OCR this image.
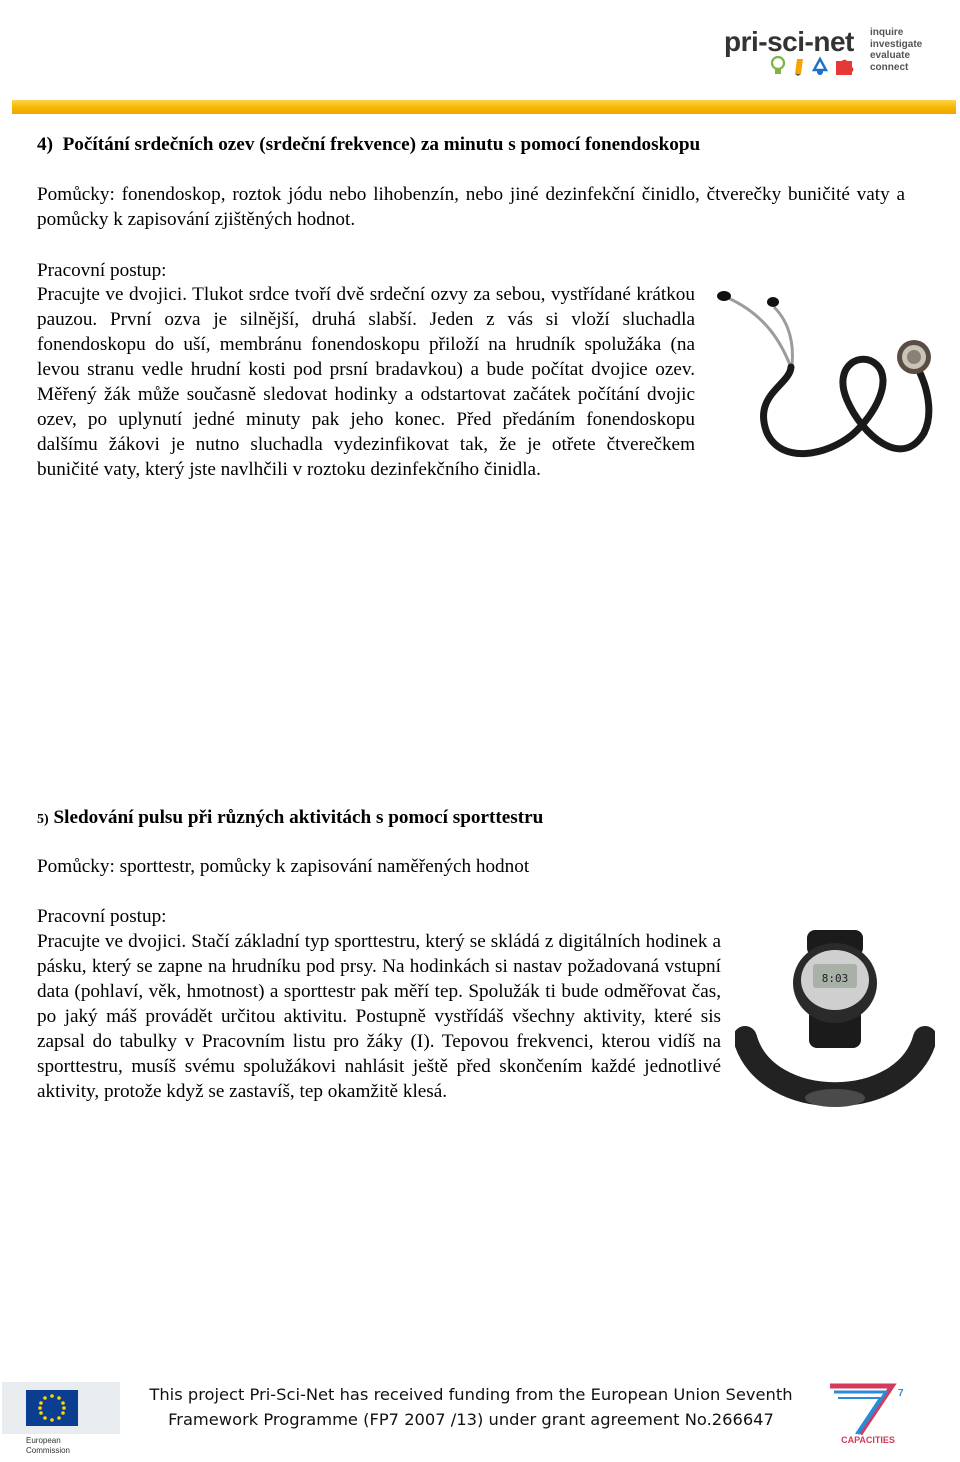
pri-sci-net inquire
investigate
evaluate
connect
4) Počítání srdečních ozev (srdeční frekvence) za minutu s pomocí fonendoskopu
Pomůcky: fonendoskop, roztok jódu nebo lihobenzín, nebo jiné dezinfekční činidlo, čtverečky buničité vaty a pomůcky k zapisování zjištěných hodnot.
Pracovní postup:
Pracujte ve dvojici. Tlukot srdce tvoří dvě srdeční ozvy za sebou, vystřídané krátkou pauzou. První ozva je silnější, druhá slabší. Jeden z vás si vloží sluchadla fonendoskopu do uší, membránu fonendoskopu přiloží na hrudník spolužáka (na levou stranu vedle hrudní kosti pod prsní bradavkou) a bude počítat dvojice ozev. Měřený žák může současně sledovat hodinky a odstartovat začátek počítání dvojic ozev, po uplynutí jedné minuty pak jeho konec. Před předáním fonendoskopu dalšímu žákovi je nutno sluchadla vydezinfikovat tak, že je otřete čtverečkem buničité vaty, který jste navlhčili v roztoku dezinfekčního činidla.
5) Sledování pulsu při různých aktivitách s pomocí sporttestru
Pomůcky: sporttestr, pomůcky k zapisování naměřených hodnot
Pracovní postup:
Pracujte ve dvojici. Stačí základní typ sporttestru, který se skládá z digitálních hodinek a pásku, který se zapne na hrudníku pod prsy. Na hodinkách si nastav požadovaná vstupní data (pohlaví, věk, hmotnost) a sporttestr pak měří tep. Spolužák ti bude odměřovat čas, po jaký máš provádět určitou aktivitu. Postupně vystřídáš všechny aktivity, které sis zapsal do tabulky v Pracovním listu pro žáky (I). Tepovou frekvenci, kterou vidíš na sporttestru, musíš svému spolužákovi nahlásit ještě před skončením každé jednotlivé aktivity, protože když se zastavíš, tep okamžitě klesá.
8:03
European
Commission
This project Pri-Sci-Net has received funding from the European Union Seventh
Framework Programme (FP7 2007 /13) under grant agreement No.266647
7
CAPACITIES
